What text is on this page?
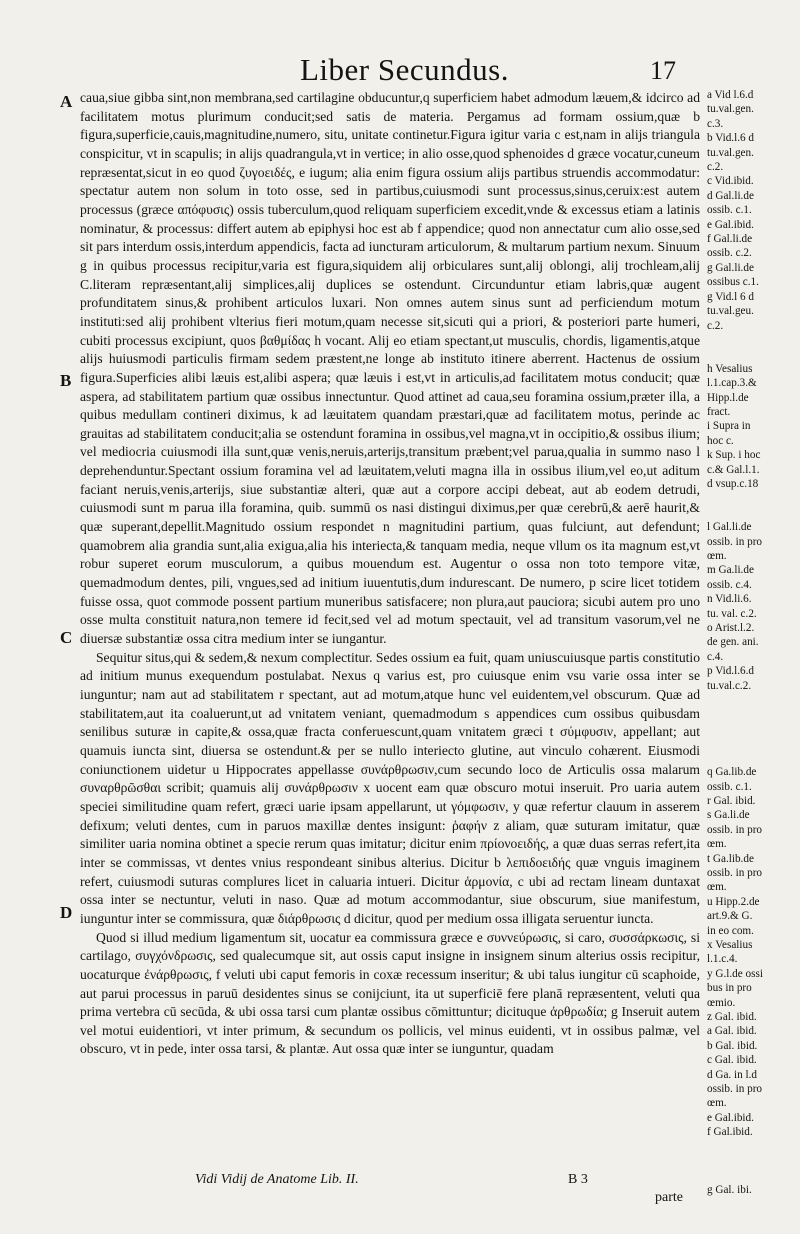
Liber Secundus.	17
A
B
C
D

caua,siue gibba sint,non membrana,sed cartilagine obducuntur,q superficiem habet admodum læuem,& idcirco ad facilitatem motus plurimum conducit;sed satis de materia. Pergamus ad formam ossium,quæ b figura,superficie,cauis,magnitudine,numero, situ, unitate continetur.Figura igitur varia c est,nam in alijs triangula conspicitur, vt in scapulis; in alijs quadrangula,vt in vertice; in alio osse,quod sphenoides d græce vocatur,cuneum repræsentat,sicut in eo quod ζυγοειδές, e iugum; alia enim figura ossium alijs partibus struendis accommodatur: spectatur autem non solum in toto osse, sed in partibus,cuiusmodi sunt processus,sinus,ceruix:est autem processus (græce απόφυσις) ossis tuberculum,quod reliquam superficiem excedit,vnde & excessus etiam a latinis nominatur, & processus: differt autem ab epiphysi hoc est ab f appendice; quod non annectatur cum alio osse,sed sit pars interdum ossis,interdum appendicis, facta ad iuncturam articulorum, & multarum partium nexum. Sinuum g in quibus processus recipitur,varia est figura,siquidem alij orbiculares sunt,alij oblongi, alij trochleam,alij C.literam repræsentant,alij simplices,alij duplices se ostendunt. Circunduntur etiam labris,quæ augent profunditatem sinus,& prohibent articulos luxari. Non omnes autem sinus sunt ad perficiendum motum instituti:sed alij prohibent vlterius fieri motum,quam necesse sit,sicuti qui a priori, & posteriori parte humeri, cubiti processus excipiunt, quos βαθμίδας h vocant. Alij eo etiam spectant,ut musculis, chordis, ligamentis,atque alijs huiusmodi particulis firmam sedem præstent,ne longe ab instituto itinere aberrent. Hactenus de ossium figura.Superficies alibi læuis est,alibi aspera; quæ læuis i est,vt in articulis,ad facilitatem motus conducit; quæ aspera, ad stabilitatem partium quæ ossibus innectuntur. Quod attinet ad caua,seu foramina ossium,præter illa, a quibus medullam contineri diximus, k ad læuitatem quandam præstari,quæ ad facilitatem motus, perinde ac grauitas ad stabilitatem conducit;alia se ostendunt foramina in ossibus,vel magna,vt in occipitio,& ossibus ilium; vel mediocria cuiusmodi illa sunt,quæ venis,neruis,arterijs,transitum præbent;vel parua,qualia in summo naso l deprehenduntur.Spectant ossium foramina vel ad læuitatem,veluti magna illa in ossibus ilium,vel eo,ut aditum faciant neruis,venis,arterijs, siue substantiæ alteri, quæ aut a corpore accipi debeat, aut ab eodem detrudi, cuiusmodi sunt m parua illa foramina, quib. summū os nasi distingui diximus,per quæ cerebrū,& aerē haurit,& quæ superant,depellit.Magnitudo ossium respondet n magnitudini partium, quas fulciunt, aut defendunt; quamobrem alia grandia sunt,alia exigua,alia his interiecta,& tanquam media, neque vllum os ita magnum est,vt robur superet eorum musculorum, a quibus mouendum est. Augentur o ossa non toto tempore vitæ, quemadmodum dentes, pili, vngues,sed ad initium iuuentutis,dum indurescant. De numero, p scire licet totidem fuisse ossa, quot commode possent partium muneribus satisfacere; non plura,aut pauciora; sicubi autem pro uno osse multa constituit natura,non temere id fecit,sed vel ad motum spectauit, vel ad transitum vasorum,vel ne diuersæ substantiæ ossa citra medium inter se iungantur.

Sequitur situs,qui & sedem,& nexum complectitur. Sedes ossium ea fuit, quam uniuscuiusque partis constitutio ad initium munus exequendum postulabat. Nexus q varius est, pro cuiusque enim vsu varie ossa inter se iunguntur; nam aut ad stabilitatem r spectant, aut ad motum,atque hunc vel euidentem,vel obscurum. Quæ ad stabilitatem,aut ita coaluerunt,ut ad vnitatem veniant, quemadmodum s appendices cum ossibus quibusdam senilibus suturæ in capite,& ossa,quæ fracta conferuescunt,quam vnitatem græci t σύμφυσιν, appellant; aut quamuis iuncta sint, diuersa se ostendunt.& per se nullo interiecto glutine, aut vinculo cohærent. Eiusmodi coniunctionem uidetur u Hippocrates appellasse συνάρθρωσιν,cum secundo loco de Articulis ossa malarum συναρθρῶσθαι scribit; quamuis alij συνάρθρωσιν x uocent eam quæ obscuro motui inseruit. Pro uaria autem speciei similitudine quam refert, græci uarie ipsam appellarunt, ut γόμφωσιν, y quæ refertur clauum in asserem defixum; veluti dentes, cum in paruos maxillæ dentes insigunt: ῥαφήν z aliam, quæ suturam imitatur, quæ similiter uaria nomina obtinet a specie rerum quas imitatur; dicitur enim πρίονοειδής, a quæ duas serras refert,ita inter se commissas, vt dentes vnius respondeant sinibus alterius. Dicitur b λεπιδοειδής quæ vnguis imaginem refert, cuiusmodi suturas complures licet in caluaria intueri. Dicitur ἁρμονία, c ubi ad rectam lineam duntaxat ossa inter se nectuntur, veluti in naso. Quæ ad motum accommodantur, siue obscurum, siue manifestum, iunguntur inter se commissura, quæ διάρθρωσις d dicitur, quod per medium ossa illigata seruentur iuncta.

Quod si illud medium ligamentum sit, uocatur ea commissura græce e συννεύρωσις, si caro, συσσάρκωσις, si cartilago, συγχόνδρωσις, sed qualecumque sit, aut ossis caput insigne in insignem sinum alterius ossis recipitur, uocaturque ἐνάρθρωσις, f veluti ubi caput femoris in coxæ recessum inseritur; & ubi talus iungitur cū scaphoide, aut parui processus in paruū desidentes sinus se conijciunt, ita ut superficiē fere planā repræsentent, veluti qua prima vertebra cū secūda, & ubi ossa tarsi cum plantæ ossibus cōmittuntur; dicituque ἀρθρωδία; g Inseruit autem vel motui euidentiori, vt inter primum, & secundum os pollicis, vel minus euidenti, vt in ossibus palmæ, vel obscuro, vt in pede, inter ossa tarsi, & plantæ. Aut ossa quæ inter se iunguntur, quadam

a Vid l.6.d
tu.val.gen.
c.3.
b Vid.l.6 d
tu.val.gen.
c.2.
c Vid.ibid.
d Gal.li.de
ossib. c.1.
e Gal.ibid.
f Gal.li.de
ossib. c.2.
g Gal.li.de
ossibus c.1.
g Vid.l 6 d
tu.val.geu.
c.2.

h Vesalius
l.1.cap.3.&
Hipp.l.de
fract.
i Supra in
hoc c.
k Sup. i hoc
c.& Gal.l.1.
d vsup.c.18

l Gal.li.de
ossib. in pro
œm.
m Ga.li.de
ossib. c.4.
n Vid.li.6.
tu. val. c.2.
o Arist.l.2.
de gen. ani.
c.4.
p Vid.l.6.d
tu.val.c.2.

q Ga.lib.de
ossib. c.1.
r Gal. ibid.
s Ga.li.de
ossib. in pro
œm.
t Ga.lib.de
ossib. in pro
œm.
u Hipp.2.de
art.9.& G.
in eo com.
x Vesalius
l.1.c.4.
y G.l.de ossi
bus in pro
œmio.
z Gal. ibid.
a Gal. ibid.
b Gal. ibid.
c Gal. ibid.
d Ga. in l.d
ossib. in pro
œm.
e Gal.ibid.
f Gal.ibid.

g Gal. ibi.
Vidi Vidij de Anatome Lib. II.	B 3
parte
